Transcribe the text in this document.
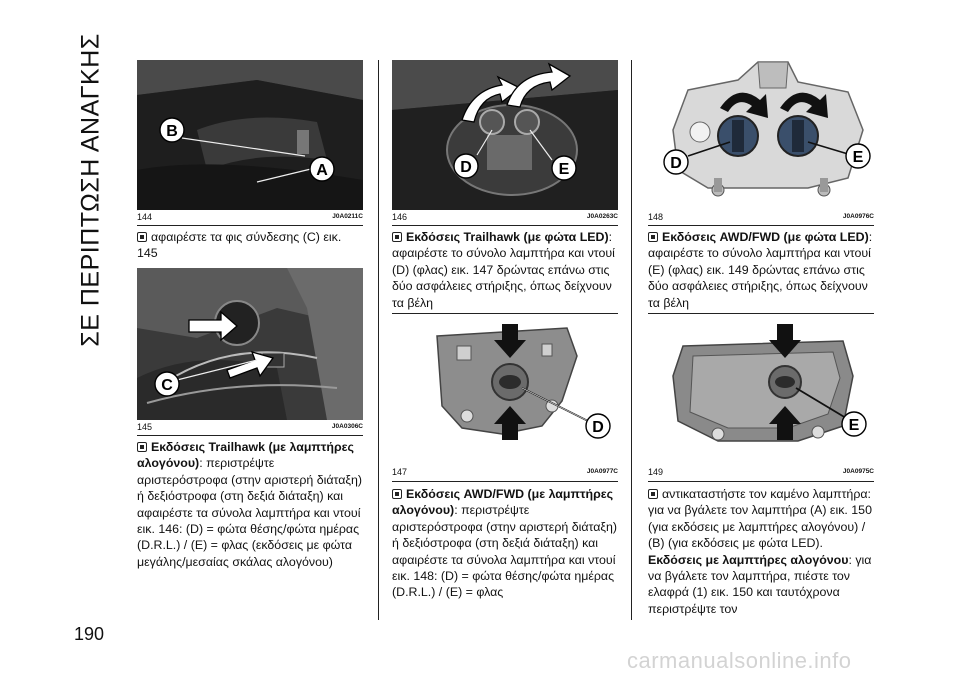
ΣΕ ΠΕΡΙΠΤΩΣΗ ΑΝΑΓΚΗΣ
190
B
A
144	J0A0211C
αφαιρέστε τα φις σύνδεσης (C) εικ. 145
C
145	J0A0306C
Εκδόσεις Trailhawk (με λαμπτήρες αλογόνου): περιστρέψτε αριστερόστροφα (στην αριστερή διάταξη) ή δεξιόστροφα (στη δεξιά διάταξη) και αφαιρέστε τα σύνολα λαμπτήρα και ντουί εικ. 146: (D) = φώτα θέσης/φώτα ημέρας (D.R.L.) / (E) = φλας (εκδόσεις με φώτα μεγάλης/μεσαίας σκάλας αλογόνου)
D	E
146	J0A0263C
Εκδόσεις Trailhawk (με φώτα LED): αφαιρέστε το σύνολο λαμπτήρα και ντουί (D) (φλας) εικ. 147 δρώντας επάνω στις δύο ασφάλειες στήριξης, όπως δείχνουν τα βέλη
D
147	J0A0977C
Εκδόσεις AWD/FWD (με λαμπτήρες αλογόνου): περιστρέψτε αριστερόστροφα (στην αριστερή διάταξη) ή δεξιόστροφα (στη δεξιά διάταξη) και αφαιρέστε τα σύνολα λαμπτήρα και ντουί εικ. 148: (D) = φώτα θέσης/φώτα ημέρας (D.R.L.) / (E) = φλας
D	E
148	J0A0976C
Εκδόσεις AWD/FWD (με φώτα LED): αφαιρέστε το σύνολο λαμπτήρα και ντουί (E) (φλας) εικ. 149 δρώντας επάνω στις δύο ασφάλειες στήριξης, όπως δείχνουν τα βέλη
E
149	J0A0975C
αντικαταστήστε τον καμένο λαμπτήρα: για να βγάλετε τον λαμπτήρα (A) εικ. 150 (για εκδόσεις με λαμπτήρες αλογόνου) / (B) (για εκδόσεις με φώτα LED). Εκδόσεις με λαμπτήρες αλογόνου: για να βγάλετε τον λαμπτήρα, πιέστε τον ελαφρά (1) εικ. 150 και ταυτόχρονα περιστρέψτε τον
carmanualsonline.info
